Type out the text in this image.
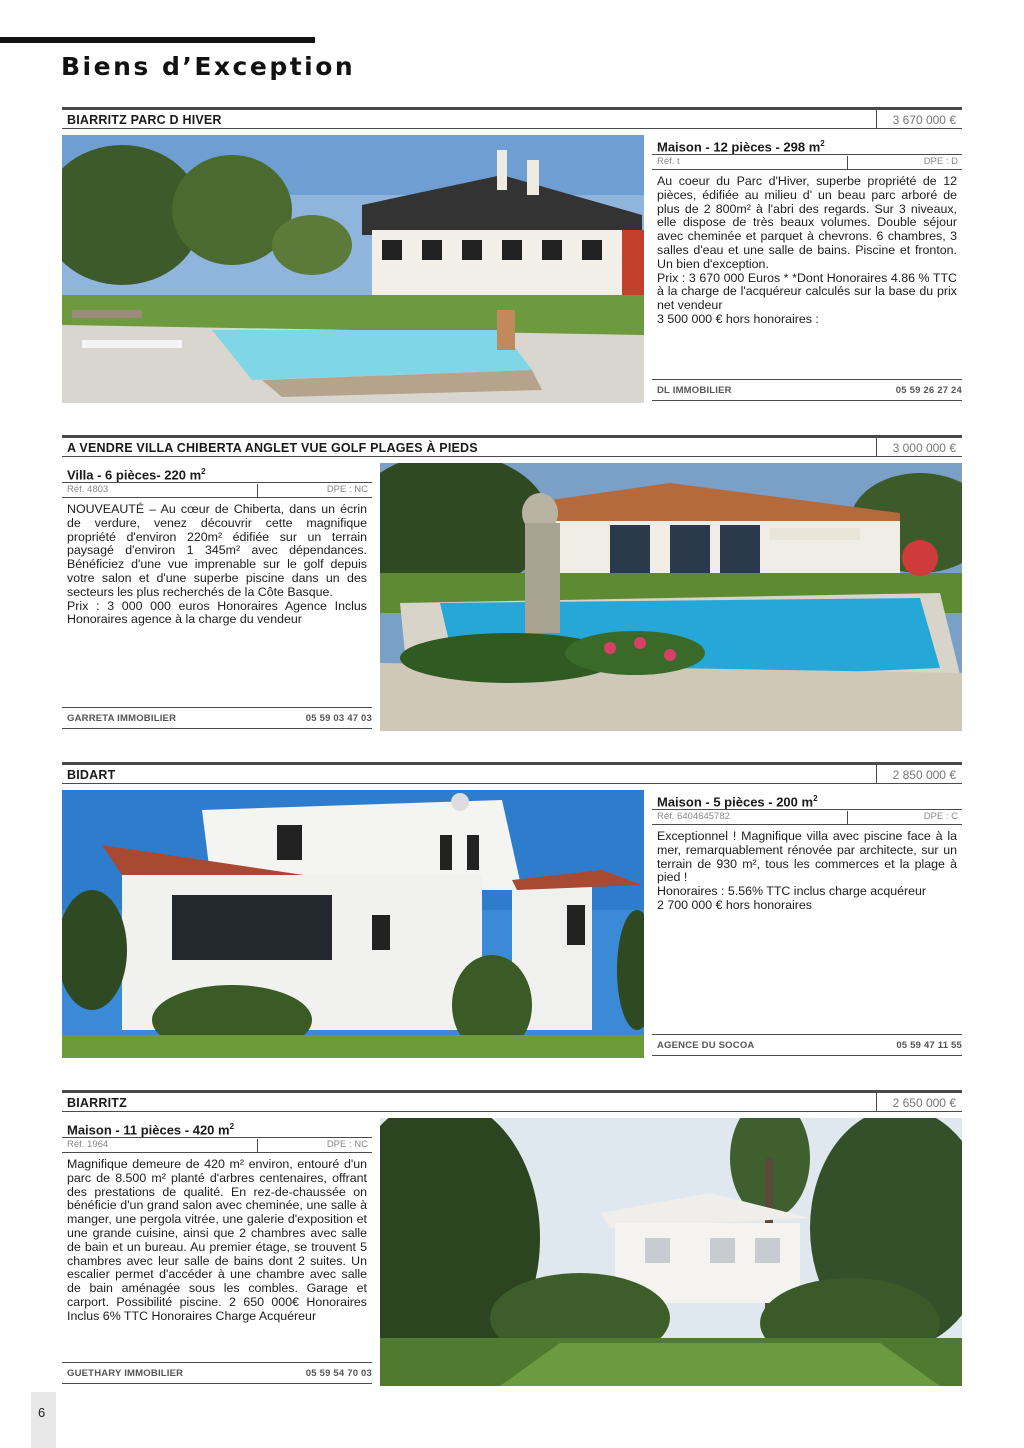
Biens d’Exception
BIARRITZ PARC D HIVER	3 670 000 €
Maison - 12 pièces - 298 $m^2$
Réf. t	DPE : D

Au coeur du Parc d'Hiver, superbe propriété de 12 pièces, édifiée au milieu d' un beau parc arboré de plus de 2 800m² à l'abri des regards. Sur 3 niveaux, elle dispose de très beaux volumes. Double séjour avec cheminée et parquet à chevrons. 6 chambres, 3 salles d'eau et une salle de bains. Piscine et fronton. Un bien d'exception.

Prix : 3 670 000 Euros * *Dont Honoraires 4.86 % TTC à la charge de l'acquéreur calculés sur la base du prix net vendeur

3 500 000 € hors honoraires :

DL IMMOBILIER	05 59 26 27 24
A VENDRE VILLA CHIBERTA ANGLET VUE GOLF PLAGES À PIEDS	3 000 000 €
Villa - 6 pièces- 220 $m^2$
Réf. 4803	DPE : NC

NOUVEAUTÉ – Au cœur de Chiberta, dans un écrin de verdure, venez découvrir cette magnifique propriété d'environ 220m² édifiée sur un terrain paysagé d'environ 1 345m² avec dépendances. Bénéficiez d'une vue imprenable sur le golf depuis votre salon et d'une superbe piscine dans un des secteurs les plus recherchés de la Côte Basque.

Prix : 3 000 000 euros Honoraires Agence Inclus Honoraires agence à la charge du vendeur

GARRETA IMMOBILIER	05 59 03 47 03
BIDART	2 850 000 €
Maison - 5 pièces - 200 $m^2$
Réf. 6404645782	DPE : C

Exceptionnel ! Magnifique villa avec piscine face à la mer, remarquablement rénovée par architecte, sur un terrain de 930 m², tous les commerces et la plage à pied !

Honoraires : 5.56% TTC inclus charge acquéreur

2 700 000 € hors honoraires

AGENCE DU SOCOA	05 59 47 11 55
BIARRITZ	2 650 000 €
Maison - 11 pièces - 420 $m^2$
Réf. 1964	DPE : NC

Magnifique demeure de 420 m² environ, entouré d'un parc de 8.500 m² planté d'arbres centenaires, offrant des prestations de qualité. En rez-de-chaussée on bénéficie d'un grand salon avec cheminée, une salle à manger, une pergola vitrée, une galerie d'exposition et une grande cuisine, ainsi que 2 chambres avec salle de bain et un bureau. Au premier étage, se trouvent 5 chambres avec leur salle de bains dont 2 suites. Un escalier permet d'accéder à une chambre avec salle de bain aménagée sous les combles. Garage et carport. Possibilité piscine. 2 650 000€ Honoraires Inclus 6% TTC Honoraires Charge Acquéreur

GUETHARY IMMOBILIER	05 59 54 70 03
6
